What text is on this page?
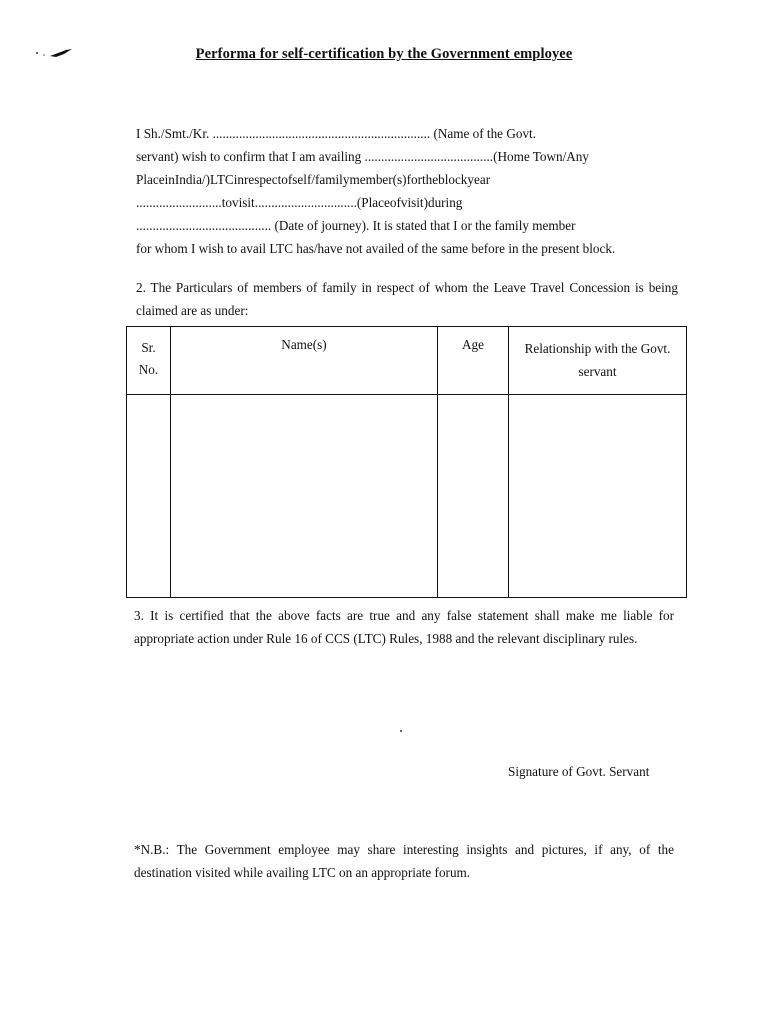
Performa for self-certification by the Government employee
I Sh./Smt./Kr. .................................................................. (Name of the Govt.
servant) wish to confirm that I am availing .......................................(Home Town/Any
PlaceinIndia/)LTCinrespectofself/familymember(s)fortheblockyear
..........................tovisit...............................(Placeofvisit)during
......................................... (Date of journey). It is stated that I or the family member
for whom I wish to avail LTC has/have not availed of the same before in the present block.
2. The Particulars of members of family in respect of whom the Leave Travel Concession is being claimed are as under:
Sr.
No.	Name(s)	Age	Relationship with the Govt.
servant

3. It is certified that the above facts are true and any false statement shall make me liable for appropriate action under Rule 16 of CCS (LTC) Rules, 1988 and the relevant disciplinary rules.
Signature of Govt. Servant
*N.B.: The Government employee may share interesting insights and pictures, if any, of the destination visited while availing LTC on an appropriate forum.
